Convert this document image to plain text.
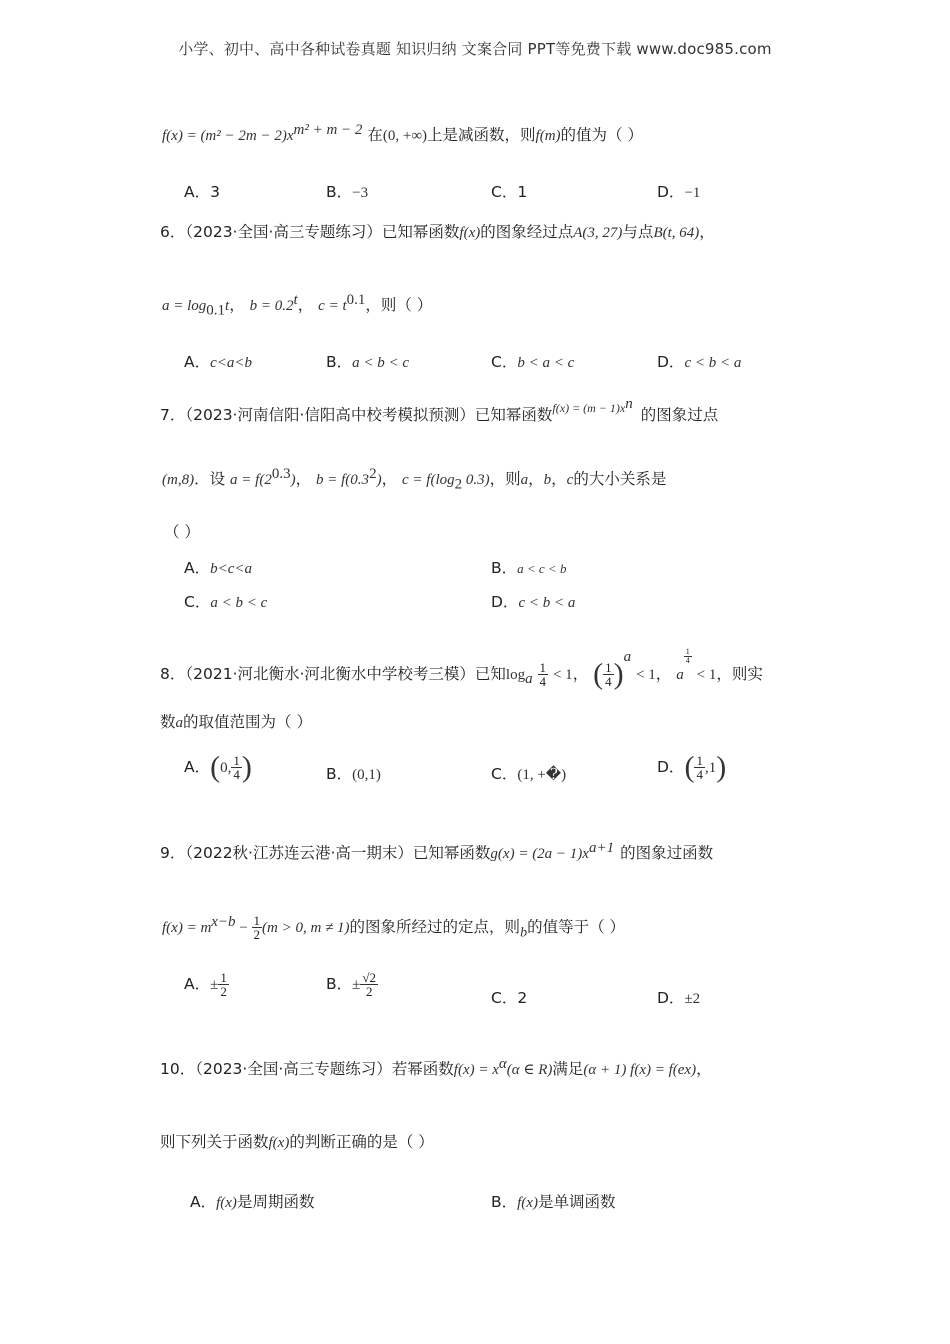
小学、初中、高中各种试卷真题 知识归纳 文案合同 PPT等免费下载 www.doc985.com
$f(x) = (m^2 - 2m - 2)x^{m^2 + m - 2}$ 在(0, +∞)上是减函数，则f(m)的值为（ ）
A．3	B．−3	C．1	D．−1
6．（2023·全国·高三专题练习）已知幂函数f(x)的图象经过点A(3, 27)与点B(t, 64)，
$a = \log_{0.1}t$， $b = 0.2^t$， $c = t^{0.1}$，则（ ）
A．c<a<b	B．a < b < c	C．b < a < c	D．c < b < a
7．（2023·河南信阳·信阳高中校考模拟预测）已知幂函数$^{f(x) = (m - 1)xn}$的图象过点
(m,8)．设 $a = f(2^{0.3})$， $b = f(0.3^2)$， $c = f(\log_2$ 0.3)，则a，b，c的大小关系是
（ ）
A．b<c<a	B．a < c < b
C．a < b < c	D．c < b < a
8．（2021·河北衡水·河北衡水中学校考三模）已知$\log_a \frac{1}{4} < 1$， ( $\frac{1}{4} )^a < 1$， a
$\frac{1}{4}$
< 1，则实
数a的取值范围为（ ）
A．(0, $\frac{1}{4}$ )	B．(0,1)	C．(1, +�)	D．( $\frac{1}{4} ,1$)
9．（2022秋·江苏连云港·高一期末）已知幂函数$g(x) = (2a - 1)x^{a+1}$ 的图象过函数
$f(x) = m^{x-b} - \frac{1}{2} (m > 0$, m ≠ 1)的图象所经过的定点，则$_b$的值等于（ ）
A．± $\frac{1}{2}$	B．± $\frac{√2}{2}$	C．2	D．±2
10．（2023·全国·高三专题练习）若幂函数$f(x) = x^\alpha(\alpha$ ∈ R)满足(α + 1) f(x) = f(ex)，
则下列关于函数f(x)的判断正确的是（ ）
A．f(x)是周期函数	B．f(x)是单调函数
